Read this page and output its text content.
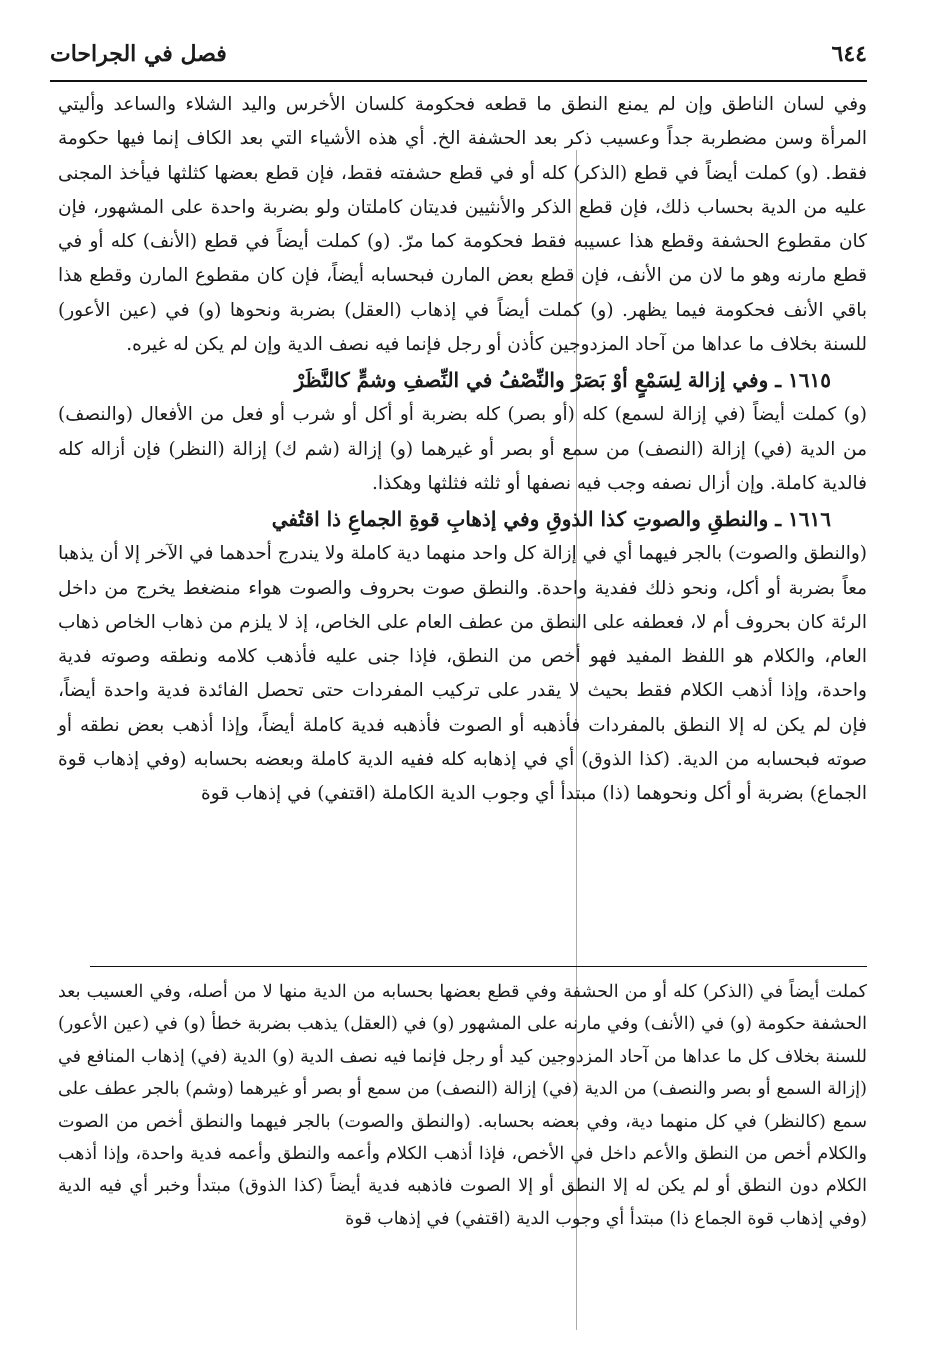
فصل في الجراحات	٦٤٤

وفي لسان الناطق وإن لم يمنع النطق ما قطعه فحكومة كلسان الأخرس واليد الشلاء والساعد وأليتي المرأة وسن مضطربة جداً وعسيب ذكر بعد الحشفة الخ. أي هذه الأشياء التي بعد الكاف إنما فيها حكومة فقط. (و) كملت أيضاً في قطع (الذكر) كله أو في قطع حشفته فقط، فإن قطع بعضها كثلثها فيأخذ المجنى عليه من الدية بحساب ذلك، فإن قطع الذكر والأنثيين فديتان كاملتان ولو بضربة واحدة على المشهور، فإن كان مقطوع الحشفة وقطع هذا عسيبه فقط فحكومة كما مرّ. (و) كملت أيضاً في قطع (الأنف) كله أو في قطع مارنه وهو ما لان من الأنف، فإن قطع بعض المارن فبحسابه أيضاً، فإن كان مقطوع المارن وقطع هذا باقي الأنف فحكومة فيما يظهر. (و) كملت أيضاً في إذهاب (العقل) بضربة ونحوها (و) في (عين الأعور) للسنة بخلاف ما عداها من آحاد المزدوجين كأذن أو رجل فإنما فيه نصف الدية وإن لم يكن له غيره.

١٦١٥ ـ وفي إزالة لِسَمْعٍ أوْ بَصَرْ والنِّصْفُ في النِّصفِ وشمٍّ كالنَّظَرْ

(و) كملت أيضاً (في إزالة لسمع) كله (أو بصر) كله بضربة أو أكل أو شرب أو فعل من الأفعال (والنصف) من الدية (في) إزالة (النصف) من سمع أو بصر أو غيرهما (و) إزالة (شم ك) إزالة (النظر) فإن أزاله كله فالدية كاملة. وإن أزال نصفه وجب فيه نصفها أو ثلثه فثلثها وهكذا.

١٦١٦ ـ والنطقِ والصوتِ كذا الذوقِ وفي إذهابِ قوةِ الجماعِ ذا اقتُفي

(والنطق والصوت) بالجر فيهما أي في إزالة كل واحد منهما دية كاملة ولا يندرج أحدهما في الآخر إلا أن يذهبا معاً بضربة أو أكل، ونحو ذلك ففدية واحدة. والنطق صوت بحروف والصوت هواء منضغط يخرج من داخل الرئة كان بحروف أم لا، فعطفه على النطق من عطف العام على الخاص، إذ لا يلزم من ذهاب الخاص ذهاب العام، والكلام هو اللفظ المفيد فهو أخص من النطق، فإذا جنى عليه فأذهب كلامه ونطقه وصوته فدية واحدة، وإذا أذهب الكلام فقط بحيث لا يقدر على تركيب المفردات حتى تحصل الفائدة فدية واحدة أيضاً، فإن لم يكن له إلا النطق بالمفردات فأذهبه أو الصوت فأذهبه فدية كاملة أيضاً، وإذا أذهب بعض نطقه أو صوته فبحسابه من الدية. (كذا الذوق) أي في إذهابه كله ففيه الدية كاملة وبعضه بحسابه (وفي إذهاب قوة الجماع) بضربة أو أكل ونحوهما (ذا) مبتدأ أي وجوب الدية الكاملة (اقتفي) في إذهاب قوة

كملت أيضاً في (الذكر) كله أو من الحشفة وفي قطع بعضها بحسابه من الدية منها لا من أصله، وفي العسيب بعد الحشفة حكومة (و) في (الأنف) وفي مارنه على المشهور (و) في (العقل) يذهب بضربة خطأ (و) في (عين الأعور) للسنة بخلاف كل ما عداها من آحاد المزدوجين كيد أو رجل فإنما فيه نصف الدية (و) الدية (في) إذهاب المنافع في (إزالة السمع أو بصر والنصف) من الدية (في) إزالة (النصف) من سمع أو بصر أو غيرهما (وشم) بالجر عطف على سمع (كالنظر) في كل منهما دية، وفي بعضه بحسابه. (والنطق والصوت) بالجر فيهما والنطق أخص من الصوت والكلام أخص من النطق والأعم داخل في الأخص، فإذا أذهب الكلام وأعمه والنطق وأعمه فدية واحدة، وإذا أذهب الكلام دون النطق أو لم يكن له إلا النطق أو إلا الصوت فاذهبه فدية أيضاً (كذا الذوق) مبتدأ وخبر أي فيه الدية (وفي إذهاب قوة الجماع ذا) مبتدأ أي وجوب الدية (اقتفي) في إذهاب قوة
